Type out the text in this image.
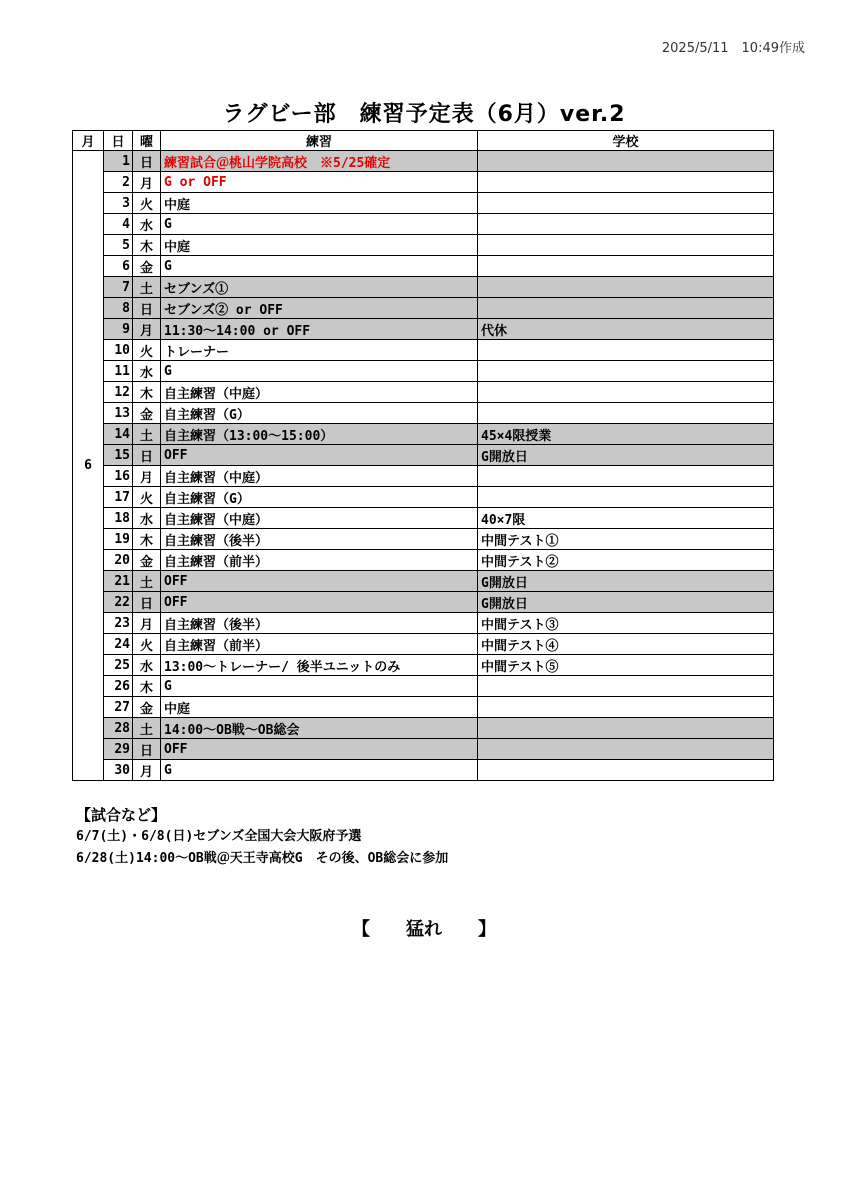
2025/5/11　10:49作成
ラグビー部　練習予定表（6月）ver.2
月	日	曜	練習	学校
6	1	日	練習試合＠桃山学院高校　※5/25確定	
	2	月	G or OFF	
	3	火	中庭	
	4	水	G	
	5	木	中庭	
	6	金	G	
	7	土	セブンズ①	
	8	日	セブンズ② or OFF	
	9	月	11:30～14:00 or OFF	代休
	10	火	トレーナー	
	11	水	G	
	12	木	自主練習（中庭）	
	13	金	自主練習（G）	
	14	土	自主練習（13:00～15:00）	45×4限授業
	15	日	OFF	G開放日
	16	月	自主練習（中庭）	
	17	火	自主練習（G）	
	18	水	自主練習（中庭）	40×7限
	19	木	自主練習（後半）	中間テスト①
	20	金	自主練習（前半）	中間テスト②
	21	土	OFF	G開放日
	22	日	OFF	G開放日
	23	月	自主練習（後半）	中間テスト③
	24	火	自主練習（前半）	中間テスト④
	25	水	13:00～トレーナー/ 後半ユニットのみ	中間テスト⑤
	26	木	G	
	27	金	中庭	
	28	土	14:00～OB戦～OB総会	
	29	日	OFF	
	30	月	G	
【試合など】
6/7(土)・6/8(日)セブンズ全国大会大阪府予選
6/28(土)14:00～OB戦＠天王寺高校G　その後、OB総会に参加
【　　猛れ　　】
